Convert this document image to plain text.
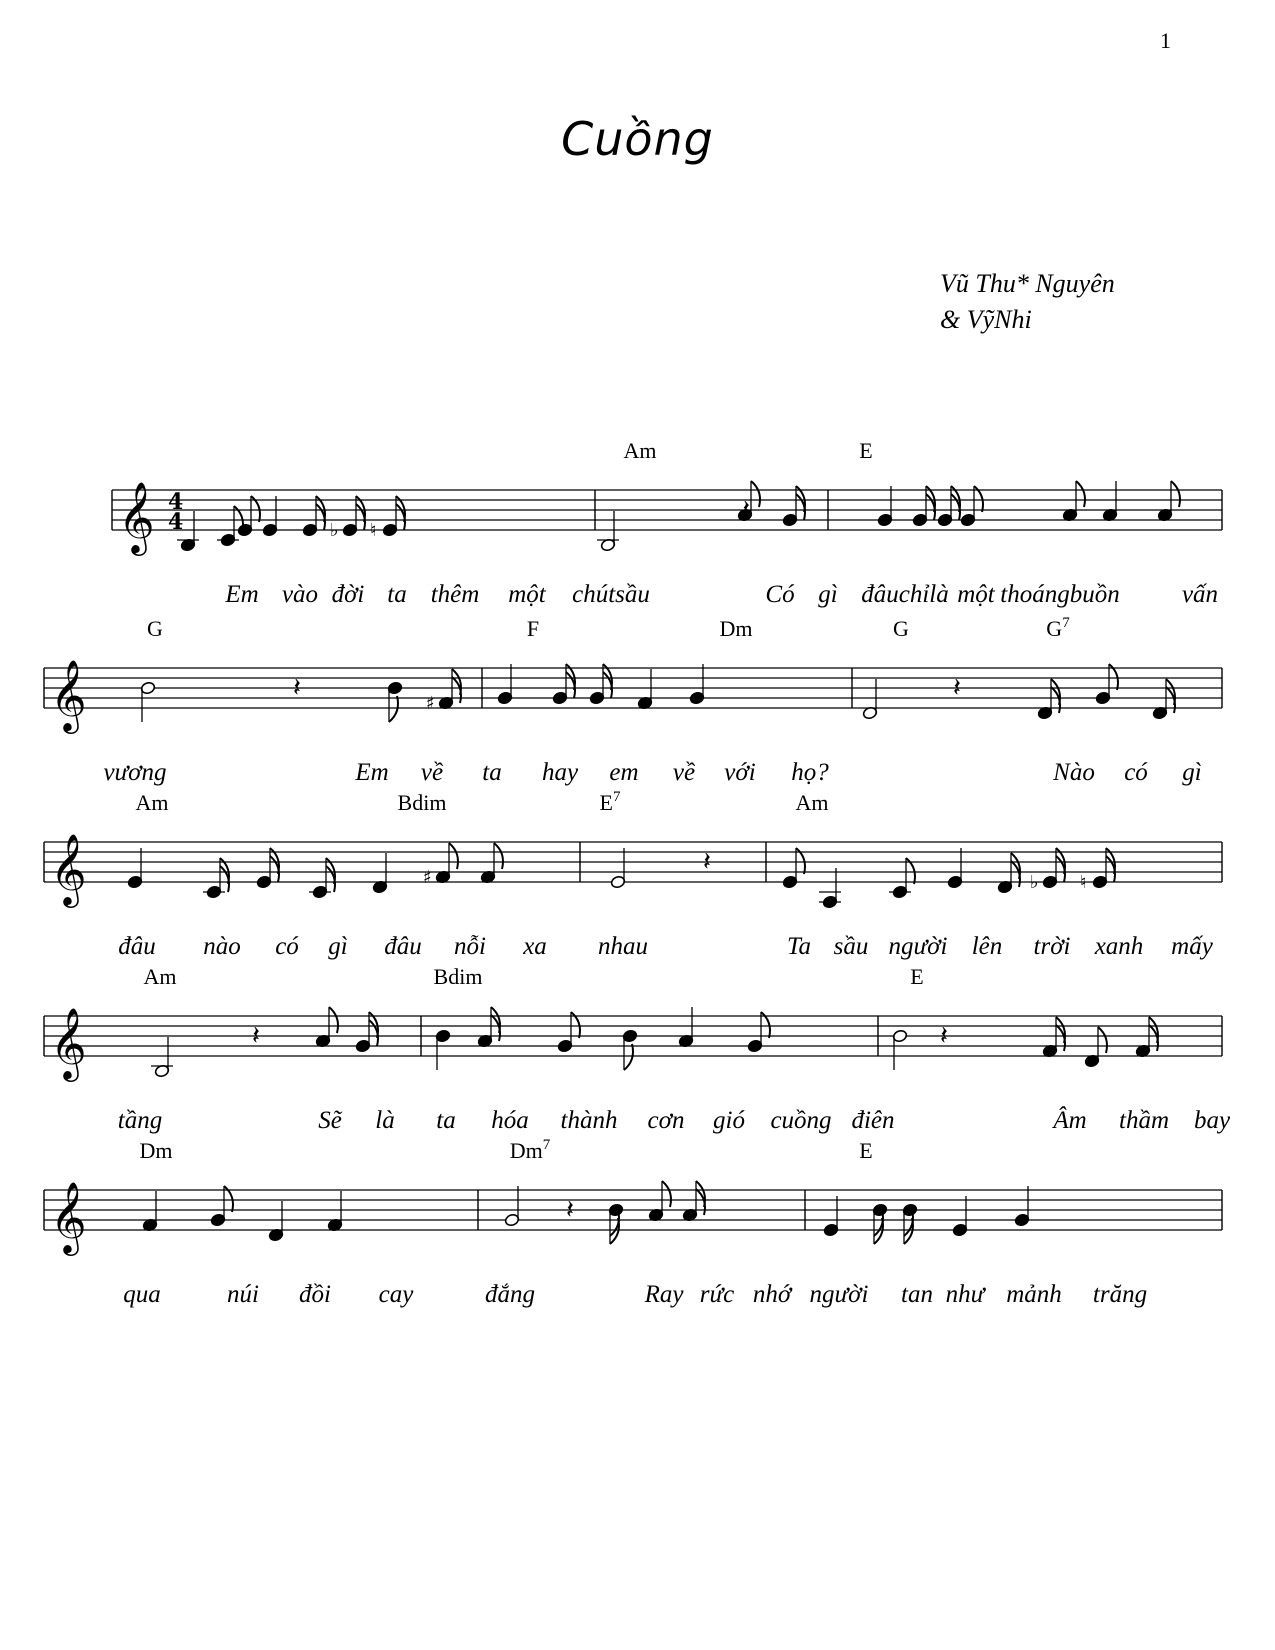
1
Cuồng
Vũ Thu* Nguyên
& VỹNhi
𝄞 4
4
Am	E
Em vào đời ta thêm một chútsầu	Có gì đâu chỉ là một thoángbuồn vấn
♭ ♮
𝄞
G	F	Dm	G	$G^7$
vương	Em về ta hay em về với họ?	Nào có gì
𝄽	𝄽
♯
𝄞
Am	Bdim	$E^7$	Am
đâu nào có gì đâu nỗi xa nhau	Ta sầu người lên trời xanh mấy
𝄽
♯	♭ ♮
𝄞
Am	Bdim	E
tầng	Sẽ là ta hóa thành cơn gió cuồng điên	Âm thầm bay
𝄽	𝄽
𝄞
Dm	Dm$^7$	E
qua	núi đồi cay	đắng	Ray rức nhớ người tan như mảnh trăng
𝄽
